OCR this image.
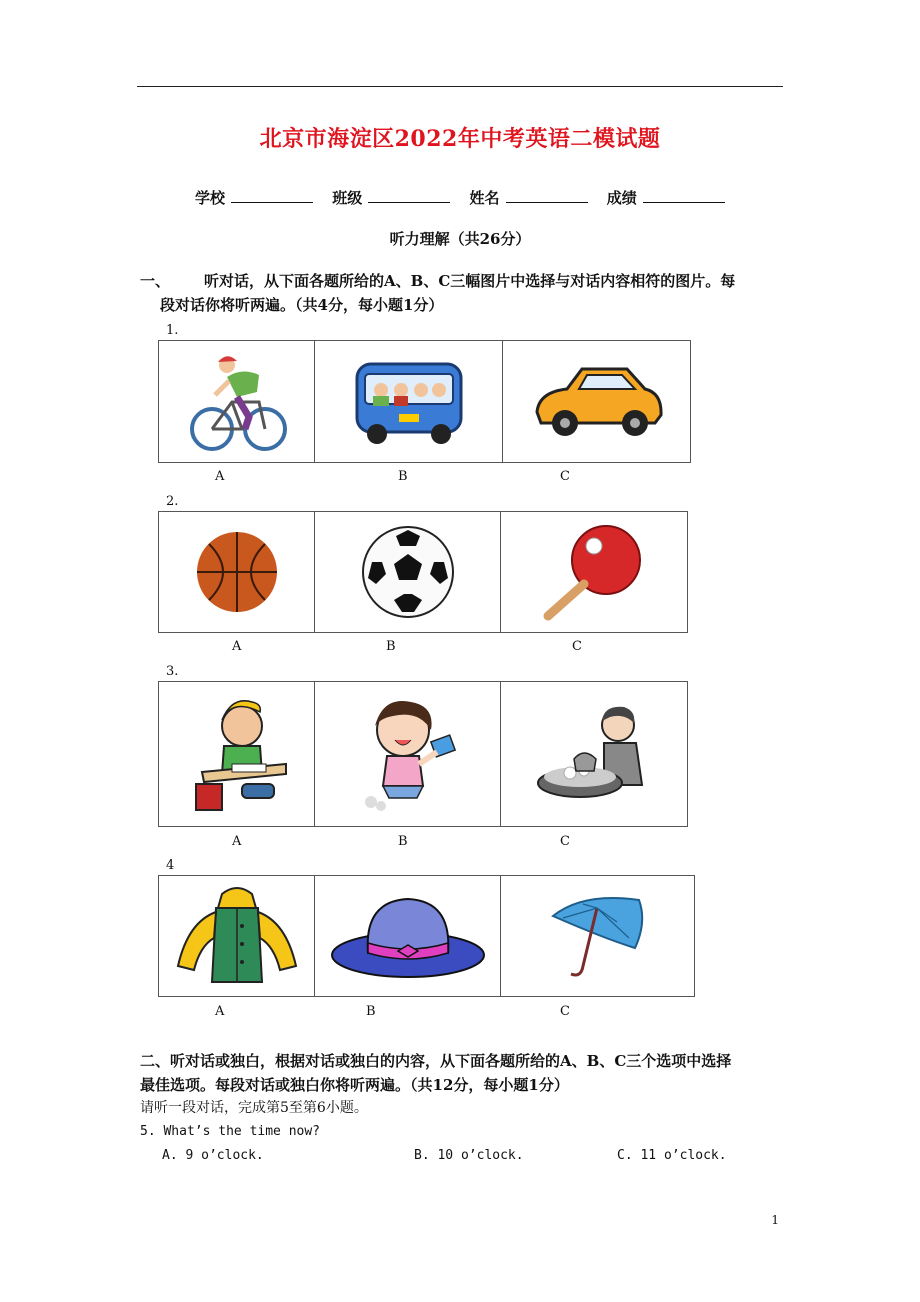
北京市海淀区2022年中考英语二模试题
学校	班级	姓名	成绩
听力理解（共26分）
一、 听对话，从下面各题所给的A、B、C三幅图片中选择与对话内容相符的图片。每
段对话你将听两遍。（共4分，每小题1分）
1.

A	B	C
2.

A	B	C
3.

A	B	C
4

A	B	C
二、听对话或独白，根据对话或独白的内容，从下面各题所给的A、B、C三个选项中选择
最佳选项。每段对话或独白你将听两遍。（共12分，每小题1分）
请听一段对话，完成第5至第6小题。
5. What’s the time now?
A. 9 o’clock.	B. 10 o’clock.	C. 11 o’clock.
1
